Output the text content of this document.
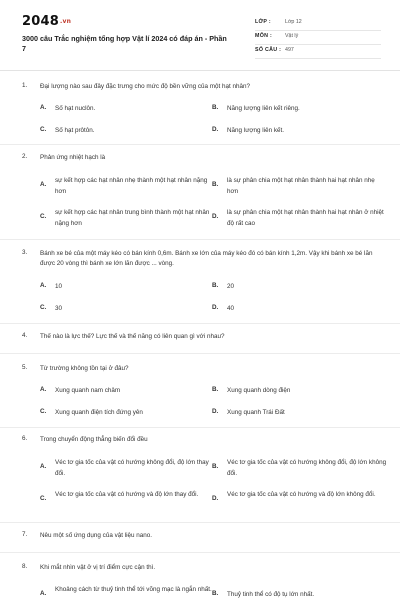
2048.vn
3000 câu Trắc nghiệm tổng hợp Vật lí 2024 có đáp án - Phần 7
LỚP :	Lớp 12
MÔN : Vật lý
SỐ CÂU : 497
1. Đại lượng nào sau đây đặc trưng cho mức độ bền vững của một hạt nhân?
A. Số hạt nuclôn.	B. Năng lượng liên kết riêng.
C. Số hạt prôtôn.	D. Năng lượng liên kết.
2. Phản ứng nhiệt hạch là
A.
sự kết hợp các hạt nhân nhẹ thành một hạt nhân nặng hơn
B.
là sự phân chia một hạt nhân thành hai hạt nhân nhẹ hơn
C.
sự kết hợp các hạt nhân trung bình thành một hạt nhân nặng hơn
D.
là sự phân chia một hạt nhân thành hai hạt nhân ở nhiệt độ rất cao
3. Bánh xe bé của một máy kéo có bán kính 0,6m. Bánh xe lớn của máy kéo đó có bán kính 1,2m. Vậy khi bánh xe bé lăn được 20 vòng thì bánh xe lớn lăn được ... vòng.
A. 10	B. 20
C. 30	D. 40
4. Thế nào là lực thế? Lực thế và thế năng có liên quan gì với nhau?
5. Từ trường không tồn tại ở đâu?
A. Xung quanh nam châm	B. Xung quanh dòng điện
C. Xung quanh điện tích đứng yên	D. Xung quanh Trái Đất
6. Trong chuyển động thẳng biến đổi đều
A.
Véc tơ gia tốc của vật có hướng không đổi, độ lớn thay đổi.
B.
Véc tơ gia tốc của vật có hướng không đổi, độ lớn không đổi.
C.
Véc tơ gia tốc của vật có hướng và độ lớn thay đổi.
D.
Véc tơ gia tốc của vật có hướng và độ lớn không đổi.
7. Nêu một số ứng dụng của vật liệu nano.
8. Khi mắt nhìn vật ở vị trí điểm cực cận thì.
A.
Khoảng cách từ thuỷ tinh thể tới võng mạc là ngắn nhất.
B. Thuỷ tinh thể có độ tụ lớn nhất.
